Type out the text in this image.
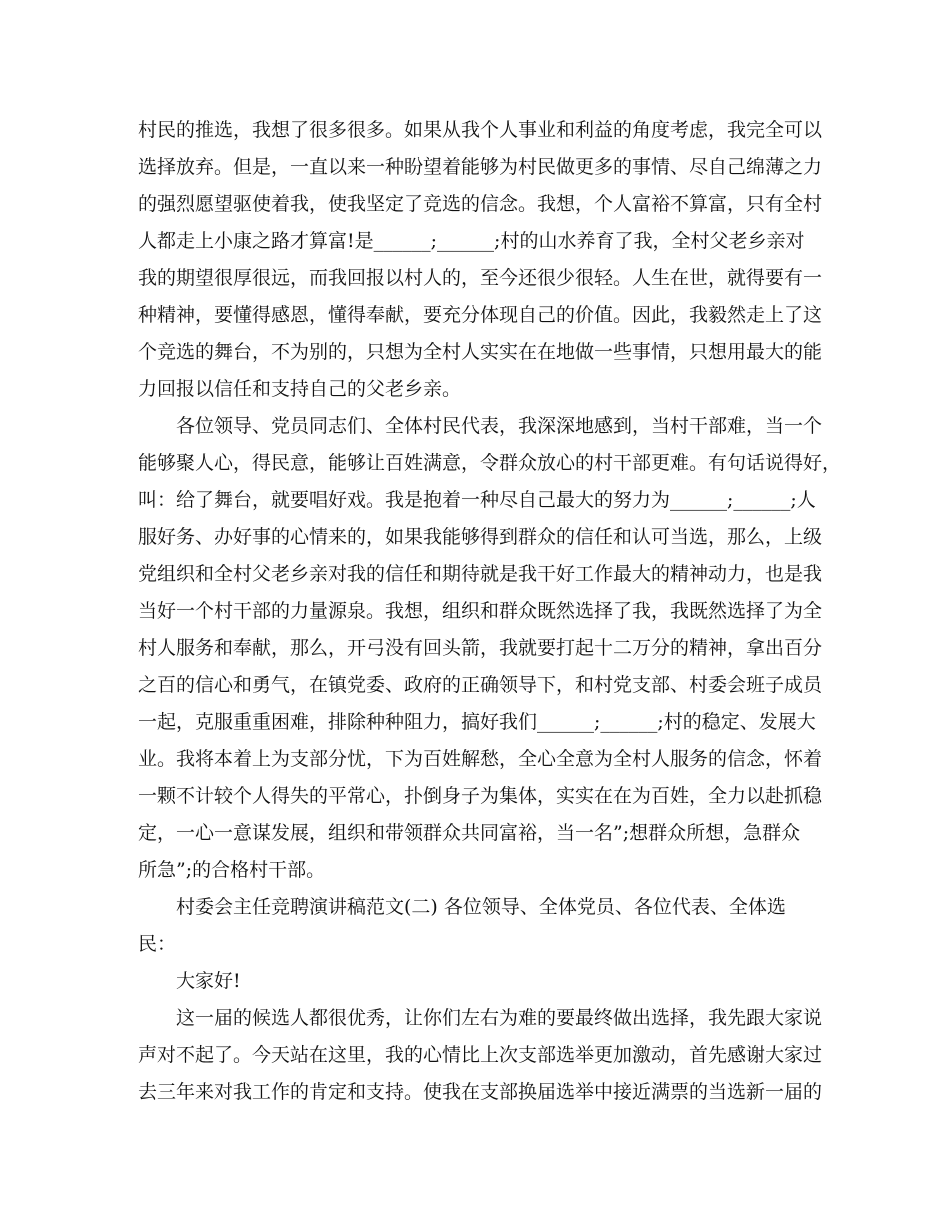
村民的推选，我想了很多很多。如果从我个人事业和利益的角度考虑，我完全可以
选择放弃。但是，一直以来一种盼望着能够为村民做更多的事情、尽自己绵薄之力
的强烈愿望驱使着我，使我坚定了竞选的信念。我想，个人富裕不算富，只有全村
人都走上小康之路才算富!是______;______;村的山水养育了我，全村父老乡亲对
我的期望很厚很远，而我回报以村人的，至今还很少很轻。人生在世，就得要有一
种精神，要懂得感恩，懂得奉献，要充分体现自己的价值。因此，我毅然走上了这
个竞选的舞台，不为别的，只想为全村人实实在在地做一些事情，只想用最大的能
力回报以信任和支持自己的父老乡亲。
各位领导、党员同志们、全体村民代表，我深深地感到，当村干部难，当一个
能够聚人心，得民意，能够让百姓满意，令群众放心的村干部更难。有句话说得好，
叫：给了舞台，就要唱好戏。我是抱着一种尽自己最大的努力为______;______;人
服好务、办好事的心情来的，如果我能够得到群众的信任和认可当选，那么，上级
党组织和全村父老乡亲对我的信任和期待就是我干好工作最大的精神动力，也是我
当好一个村干部的力量源泉。我想，组织和群众既然选择了我，我既然选择了为全
村人服务和奉献，那么，开弓没有回头箭，我就要打起十二万分的精神，拿出百分
之百的信心和勇气，在镇党委、政府的正确领导下，和村党支部、村委会班子成员
一起，克服重重困难，排除种种阻力，搞好我们______;______;村的稳定、发展大
业。我将本着上为支部分忧，下为百姓解愁，全心全意为全村人服务的信念，怀着
一颗不计较个人得失的平常心，扑倒身子为集体，实实在在为百姓，全力以赴抓稳
定，一心一意谋发展，组织和带领群众共同富裕，当一名”;想群众所想，急群众
所急”;的合格村干部。
村委会主任竞聘演讲稿范文(二) 各位领导、全体党员、各位代表、全体选
民：
大家好!
这一届的候选人都很优秀，让你们左右为难的要最终做出选择，我先跟大家说
声对不起了。今天站在这里，我的心情比上次支部选举更加激动，首先感谢大家过
去三年来对我工作的肯定和支持。使我在支部换届选举中接近满票的当选新一届的
